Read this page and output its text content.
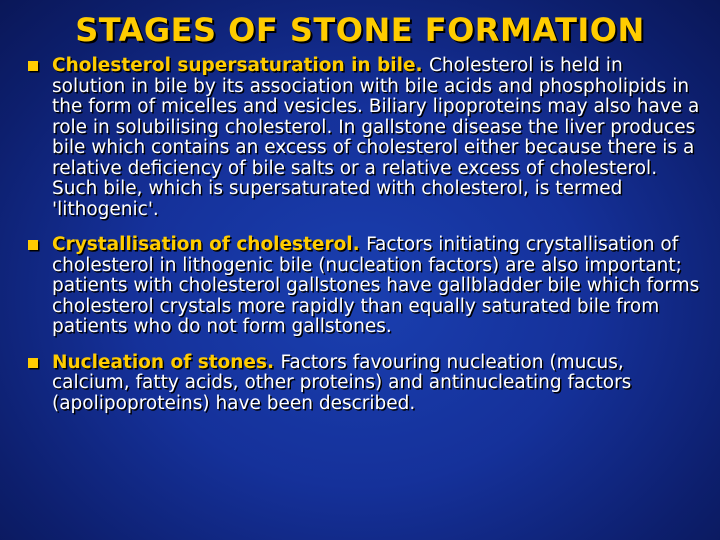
STAGES OF STONE FORMATION
Cholesterol supersaturation in bile. Cholesterol is held in solution in bile by its association with bile acids and phospholipids in the form of micelles and vesicles. Biliary lipoproteins may also have a role in solubilising cholesterol. In gallstone disease the liver produces bile which contains an excess of cholesterol either because there is a relative deficiency of bile salts or a relative excess of cholesterol. Such bile, which is supersaturated with cholesterol, is termed 'lithogenic'.
Crystallisation of cholesterol. Factors initiating crystallisation of cholesterol in lithogenic bile (nucleation factors) are also important; patients with cholesterol gallstones have gallbladder bile which forms cholesterol crystals more rapidly than equally saturated bile from patients who do not form gallstones.
Nucleation of stones. Factors favouring nucleation (mucus, calcium, fatty acids, other proteins) and antinucleating factors (apolipoproteins) have been described.
